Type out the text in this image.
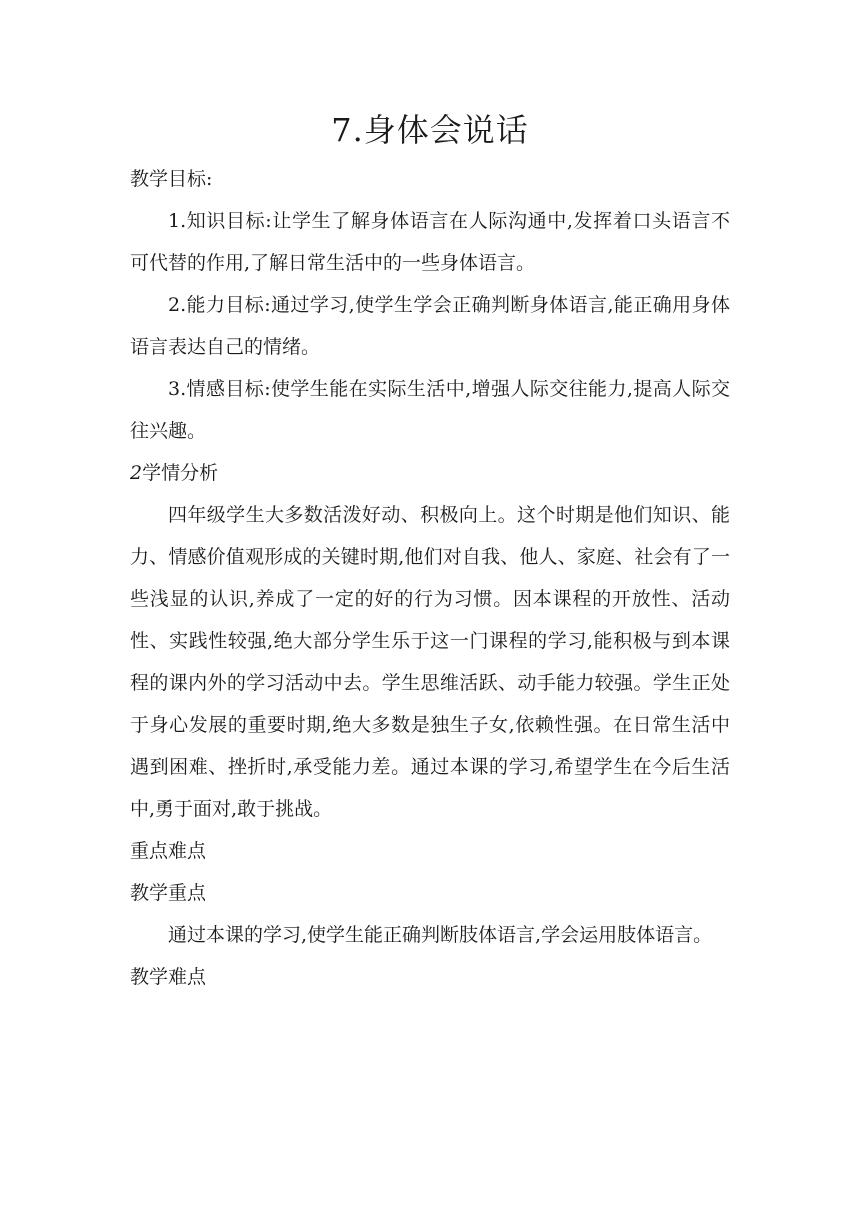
7.身体会说话

教学目标:

1.知识目标:让学生了解身体语言在人际沟通中,发挥着口头语言不可代替的作用,了解日常生活中的一些身体语言。

2.能力目标:通过学习,使学生学会正确判断身体语言,能正确用身体语言表达自己的情绪。

3.情感目标:使学生能在实际生活中,增强人际交往能力,提高人际交往兴趣。

2学情分析

四年级学生大多数活泼好动、积极向上。这个时期是他们知识、能力、情感价值观形成的关键时期,他们对自我、他人、家庭、社会有了一些浅显的认识,养成了一定的好的行为习惯。因本课程的开放性、活动性、实践性较强,绝大部分学生乐于这一门课程的学习,能积极与到本课程的课内外的学习活动中去。学生思维活跃、动手能力较强。学生正处于身心发展的重要时期,绝大多数是独生子女,依赖性强。在日常生活中遇到困难、挫折时,承受能力差。通过本课的学习,希望学生在今后生活中,勇于面对,敢于挑战。

重点难点

教学重点

通过本课的学习,使学生能正确判断肢体语言,学会运用肢体语言。

教学难点
